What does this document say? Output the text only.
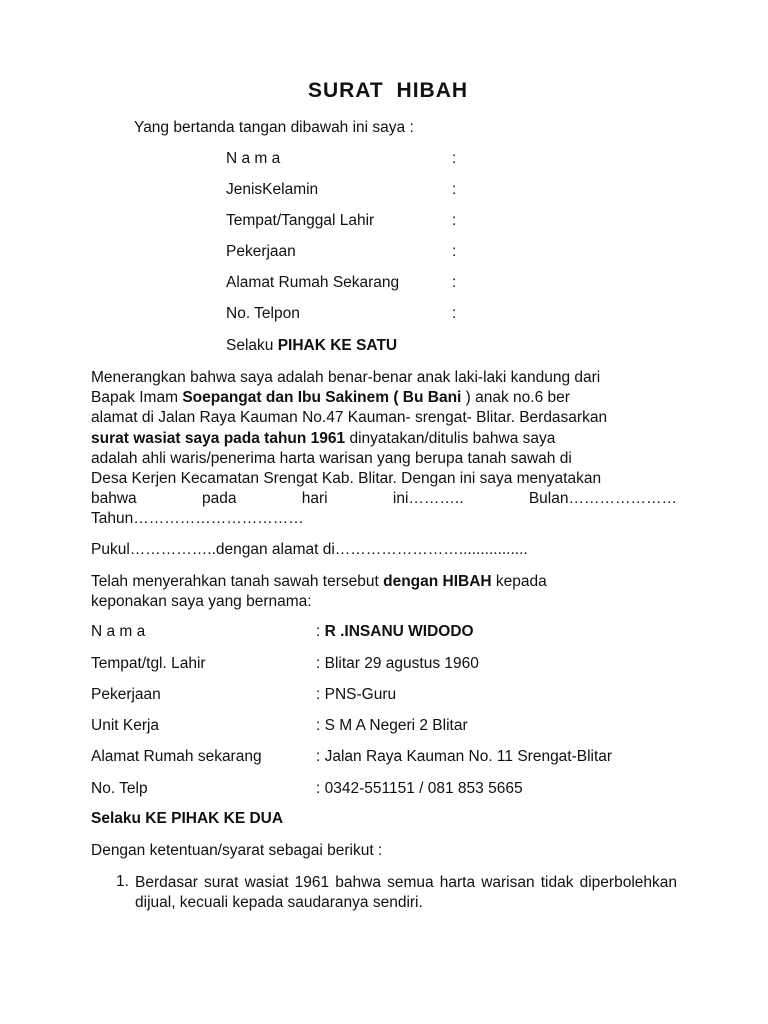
SURAT HIBAH
Yang bertanda tangan dibawah ini saya :
N a m a	:
JenisKelamin	:
Tempat/Tanggal Lahir	:
Pekerjaan	:
Alamat Rumah Sekarang	:
No. Telpon	:
Selaku PIHAK KE SATU
Menerangkan bahwa saya adalah benar-benar anak laki-laki kandung dari
Bapak Imam Soepangat dan Ibu Sakinem ( Bu Bani ) anak no.6 ber
alamat di Jalan Raya Kauman No.47 Kauman- srengat- Blitar. Berdasarkan
surat wasiat saya pada tahun 1961 dinyatakan/ditulis bahwa saya
adalah ahli waris/penerima harta warisan yang berupa tanah sawah di
Desa Kerjen Kecamatan Srengat Kab. Blitar. Dengan ini saya menyatakan
bahwa	pada	hari	ini………..	Bulan…………………
Tahun……………………………
Pukul……………..dengan alamat di……………………................
Telah menyerahkan tanah sawah tersebut dengan HIBAH kepada
keponakan saya yang bernama:
N a m a	: R .INSANU WIDODO
Tempat/tgl. Lahir	: Blitar 29 agustus 1960
Pekerjaan	: PNS-Guru
Unit Kerja	: S M A Negeri 2 Blitar
Alamat Rumah sekarang	: Jalan Raya Kauman No. 11 Srengat-Blitar
No. Telp	: 0342-551151 / 081 853 5665
Selaku KE PIHAK KE DUA
Dengan ketentuan/syarat sebagai berikut :
1. Berdasar surat wasiat 1961 bahwa semua harta warisan tidak diperbolehkan dijual, kecuali kepada saudaranya sendiri.
